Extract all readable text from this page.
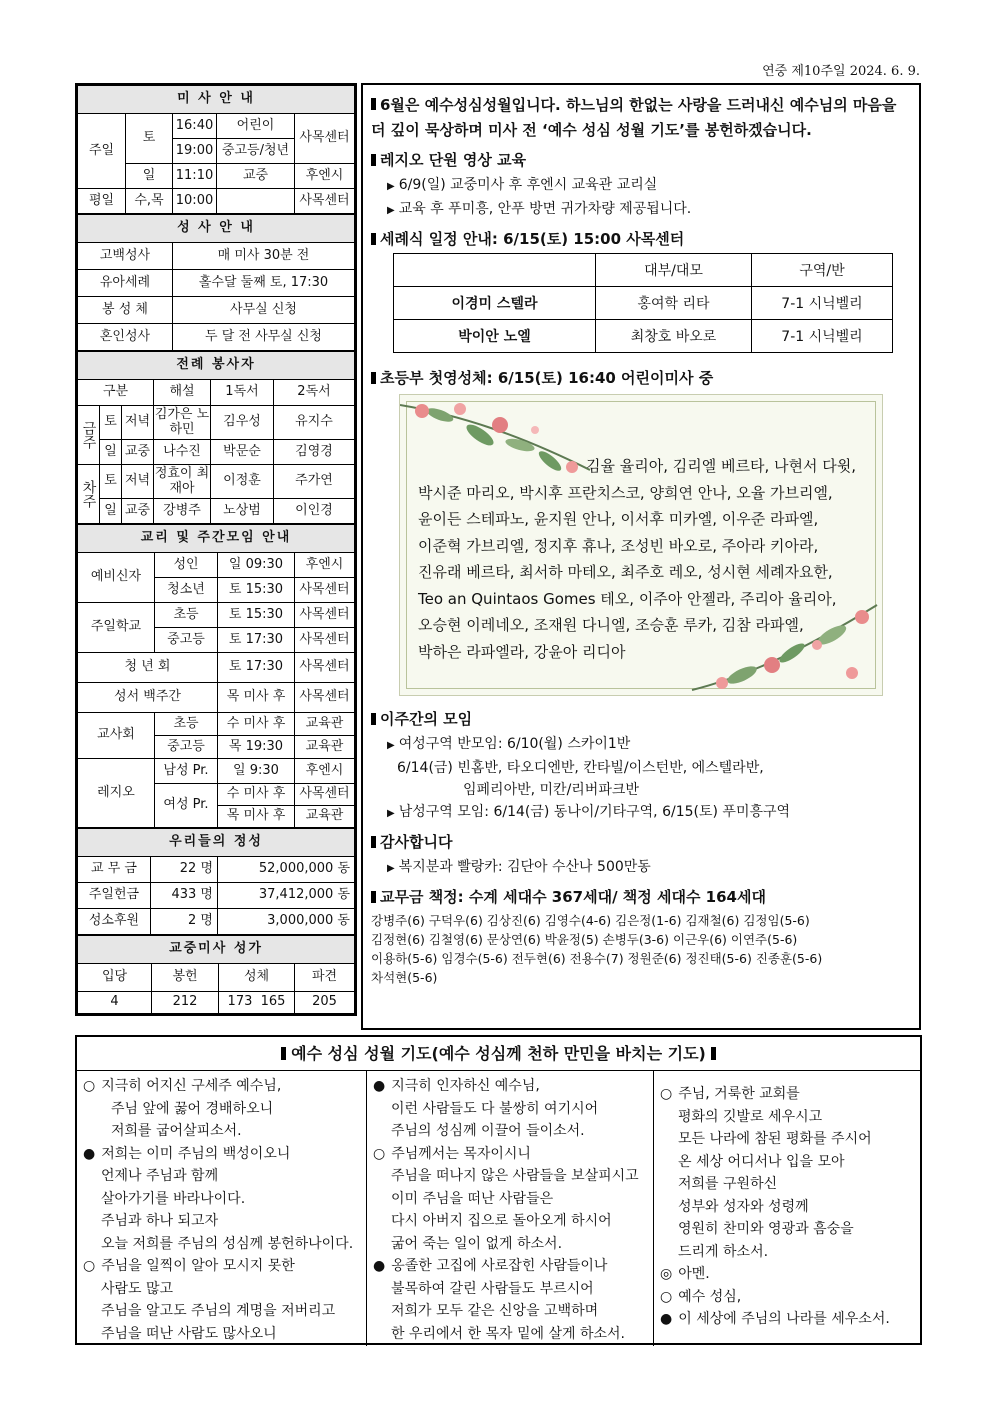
연중 제10주일 2024. 6. 9.
미 사 안 내				
주일	토	16:40	어린이	사목센터
		19:00	중고등/청년	
	일	11:10	교중	후엔시
평일	수,목	10:00		사목센터
성 사 안 내	
고백성사	매 미사 30분 전
유아세례	홀수달 둘째 토, 17:30
봉 성 체	사무실 신청
혼인성사	두 달 전 사무실 신청
전례 봉사자					
구분			해설	1독서	2독서
금주	토	저녁	김가은 노하민	김우성	유지수
	일	교중	나수진	박문순	김영경
차주	토	저녁	정효이 최재아	이정훈	주가연
	일	교중	강병주	노상범	이인경
교리 및 주간모임 안내			
예비신자	성인	일 09:30	후엔시
	청소년	토 15:30	사목센터
주일학교	초등	토 15:30	사목센터
	중고등	토 17:30	사목센터
청 년 회		토 17:30	사목센터
성서 백주간		목 미사 후	사목센터
교사회	초등	수 미사 후	교육관
	중고등	목 19:30	교육관
레지오	남성 Pr.	일 9:30	후엔시
	여성 Pr.	수 미사 후	사목센터
		목 미사 후	교육관
우리들의 정성		
교 무 금	22 명	52,000,000 동
주일헌금	433 명	37,412,000 동
성소후원	2 명	3,000,000 동
교중미사 성가			
입당	봉헌	성체	파견
4	212	173  165	205
6월은 예수성심성월입니다. 하느님의 한없는 사랑을 드러내신 예수님의 마음을 더 깊이 묵상하며 미사 전 ‘예수 성심 성월 기도’를 봉헌하겠습니다.
레지오 단원 영상 교육
▶ 6/9(일) 교중미사 후 후엔시 교육관 교리실
▶ 교육 후 푸미흥, 안푸 방면 귀가차량 제공됩니다.
세례식 일정 안내: 6/15(토) 15:00 사목센터
	대부/대모	구역/반
이경미 스텔라	홍여학 리타	7-1 시닉벨리
박이안 노엘	최창호 바오로	7-1 시닉벨리
초등부 첫영성체: 6/15(토) 16:40 어린이미사 중
김율 율리아, 김리엘 베르타, 나현서 다윗,
박시준 마리오, 박시후 프란치스코, 양희연 안나, 오율 가브리엘,
윤이든 스테파노, 윤지원 안나, 이서후 미카엘, 이우준 라파엘,
이준혁 가브리엘, 정지후 휴나, 조성빈 바오로, 주아라 키아라,
진유래 베르타, 최서하 마테오, 최주호 레오, 성시현 세례자요한,
Teo an Quintaos Gomes 테오, 이주아 안젤라, 주리아 율리아,
오승현 이레네오, 조재원 다니엘, 조승훈 루카, 김참 라파엘,
박하은 라파엘라, 강윤아 리디아
이주간의 모임
▶ 여성구역 반모임: 6/10(월) 스카이1반
6/14(금) 빈홈반, 타오디엔반, 칸타빌/이스턴반, 에스텔라반,
임페리아반, 미칸/리버파크반
▶ 남성구역 모임: 6/14(금) 동나이/기타구역, 6/15(토) 푸미흥구역
감사합니다
▶ 복지분과 빨랑카: 김단아 수산나 500만동
교무금 책정: 수계 세대수 367세대/ 책정 세대수 164세대
강병주(6) 구덕우(6) 김상진(6) 김영수(4-6) 김은정(1-6) 김재철(6) 김정임(5-6)
김정현(6) 김철영(6) 문상연(6) 박윤정(5) 손병두(3-6) 이근우(6) 이연주(5-6)
이용하(5-6) 임경수(5-6) 전두현(6) 전용수(7) 정원준(6) 정진태(5-6) 진종훈(5-6)
차석현(5-6)
예수 성심 성월 기도(예수 성심께 천하 만민을 바치는 기도)
○ 지극히 어지신 구세주 예수님,
주님 앞에 꿇어 경배하오니
저희를 굽어살피소서.
● 저희는 이미 주님의 백성이오니
언제나 주님과 함께
살아가기를 바라나이다.
주님과 하나 되고자
오늘 저희를 주님의 성심께 봉헌하나이다.
○ 주님을 일찍이 알아 모시지 못한
사람도 많고
주님을 알고도 주님의 계명을 저버리고
주님을 떠난 사람도 많사오니
● 지극히 인자하신 예수님,
이런 사람들도 다 불쌍히 여기시어
주님의 성심께 이끌어 들이소서.
○ 주님께서는 목자이시니
주님을 떠나지 않은 사람들을 보살피시고
이미 주님을 떠난 사람들은
다시 아버지 집으로 돌아오게 하시어
굶어 죽는 일이 없게 하소서.
● 옹졸한 고집에 사로잡힌 사람들이나
불목하여 갈린 사람들도 부르시어
저희가 모두 같은 신앙을 고백하며
한 우리에서 한 목자 밑에 살게 하소서.
○ 주님, 거룩한 교회를
평화의 깃발로 세우시고
모든 나라에 참된 평화를 주시어
온 세상 어디서나 입을 모아
저희를 구원하신
성부와 성자와 성령께
영원히 찬미와 영광과 흠숭을
드리게 하소서.
◎ 아멘.
○ 예수 성심,
● 이 세상에 주님의 나라를 세우소서.
